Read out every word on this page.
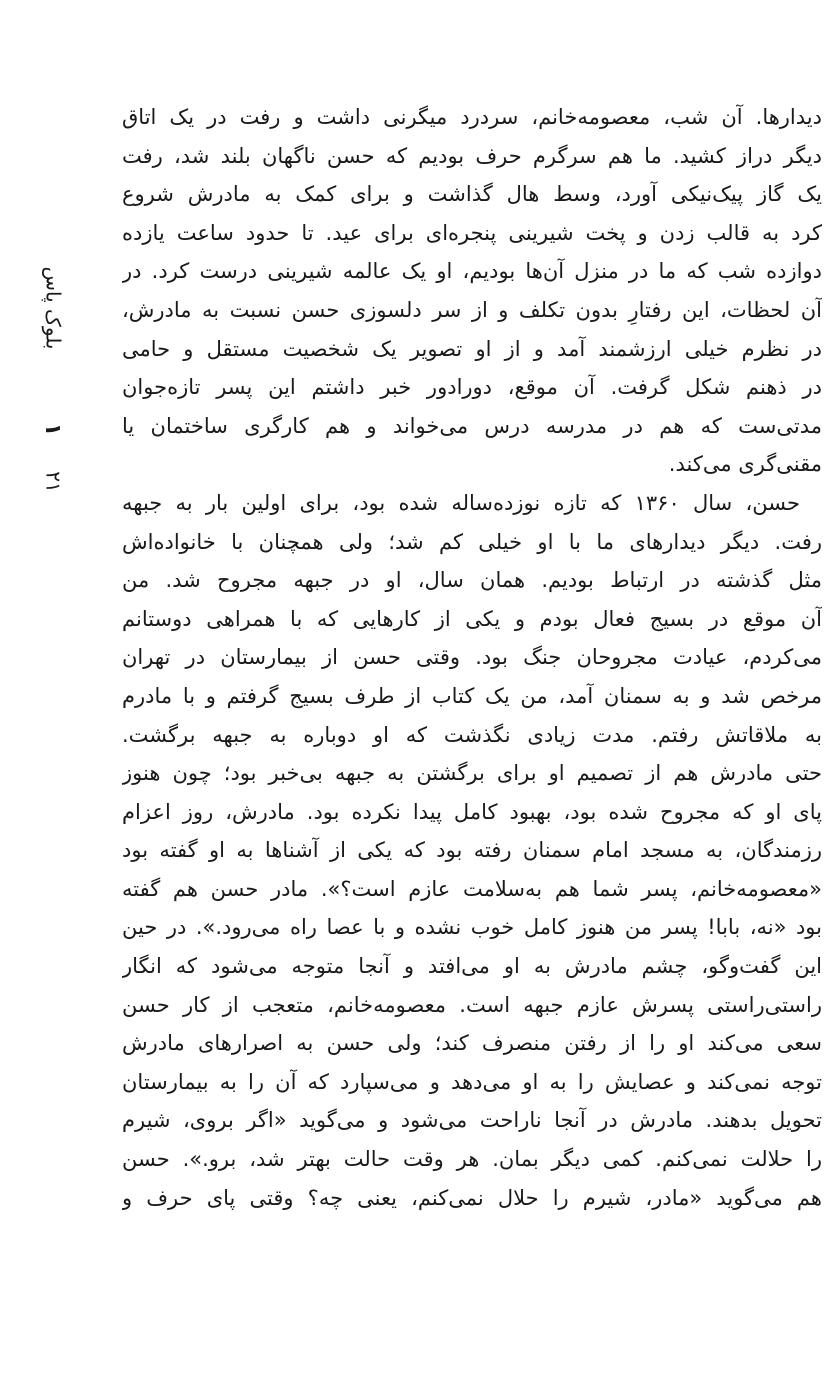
بلوک پاس
۱
۲۱
دیدارها. آن شب، معصومه‌خانم، سردرد میگرنی داشت و رفت در یک اتاق
دیگر دراز کشید. ما هم سرگرم حرف بودیم که حسن ناگهان بلند شد، رفت
یک گاز پیک‌نیکی آورد، وسط هال گذاشت و برای کمک به مادرش شروع
کرد به قالب زدن و پخت شیرینی پنجره‌ای برای عید. تا حدود ساعت یازده
دوازده شب که ما در منزل آن‌ها بودیم، او یک عالمه شیرینی درست کرد. در
آن لحظات، این رفتارِ بدون تکلف و از سر دلسوزی حسن نسبت به مادرش،
در نظرم خیلی ارزشمند آمد و از او تصویر یک شخصیت مستقل و حامی
در ذهنم شکل گرفت. آن موقع، دورادور خبر داشتم این پسر تازه‌جوان
مدتی‌ست که هم در مدرسه درس می‌خواند و هم کارگری ساختمان یا
مقنی‌گری می‌کند.
حسن، سال ۱۳۶۰ که تازه نوزده‌ساله شده بود، برای اولین بار به جبهه
رفت. دیگر دیدارهای ما با او خیلی کم شد؛ ولی همچنان با خانواده‌اش
مثل گذشته در ارتباط بودیم. همان سال، او در جبهه مجروح شد. من
آن موقع در بسیج فعال بودم و یکی از کارهایی که با همراهی دوستانم
می‌کردم، عیادت مجروحان جنگ بود. وقتی حسن از بیمارستان در تهران
مرخص شد و به سمنان آمد، من یک کتاب از طرف بسیج گرفتم و با مادرم
به ملاقاتش رفتم. مدت زیادی نگذشت که او دوباره به جبهه برگشت.
حتی مادرش هم از تصمیم او برای برگشتن به جبهه بی‌خبر بود؛ چون هنوز
پای او که مجروح شده بود، بهبود کامل پیدا نکرده بود. مادرش، روز اعزام
رزمندگان، به مسجد امام سمنان رفته بود که یکی از آشناها به او گفته بود
«معصومه‌خانم، پسر شما هم به‌سلامت عازم است؟». مادر حسن هم گفته
بود «نه، بابا! پسر من هنوز کامل خوب نشده و با عصا راه می‌رود.». در حین
این گفت‌وگو، چشم مادرش به او می‌افتد و آنجا متوجه می‌شود که انگار
راستی‌راستی پسرش عازم جبهه است. معصومه‌خانم، متعجب از کار حسن
سعی می‌کند او را از رفتن منصرف کند؛ ولی حسن به اصرارهای مادرش
توجه نمی‌کند و عصایش را به او می‌دهد و می‌سپارد که آن را به بیمارستان
تحویل بدهند. مادرش در آنجا ناراحت می‌شود و می‌گوید «اگر بروی، شیرم
را حلالت نمی‌کنم. کمی دیگر بمان. هر وقت حالت بهتر شد، برو.». حسن
هم می‌گوید «مادر، شیرم را حلال نمی‌کنم، یعنی چه؟ وقتی پای حرف و
